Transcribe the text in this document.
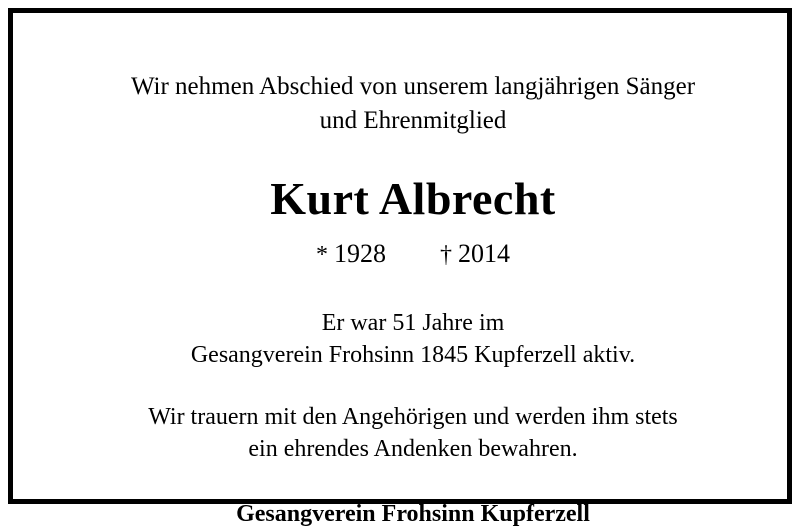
Wir nehmen Abschied von unserem langjährigen Sänger
und Ehrenmitglied
Kurt Albrecht
* 1928 † 2014
Er war 51 Jahre im
Gesangverein Frohsinn 1845 Kupferzell aktiv.
Wir trauern mit den Angehörigen und werden ihm stets
ein ehrendes Andenken bewahren.
Gesangverein Frohsinn Kupferzell
